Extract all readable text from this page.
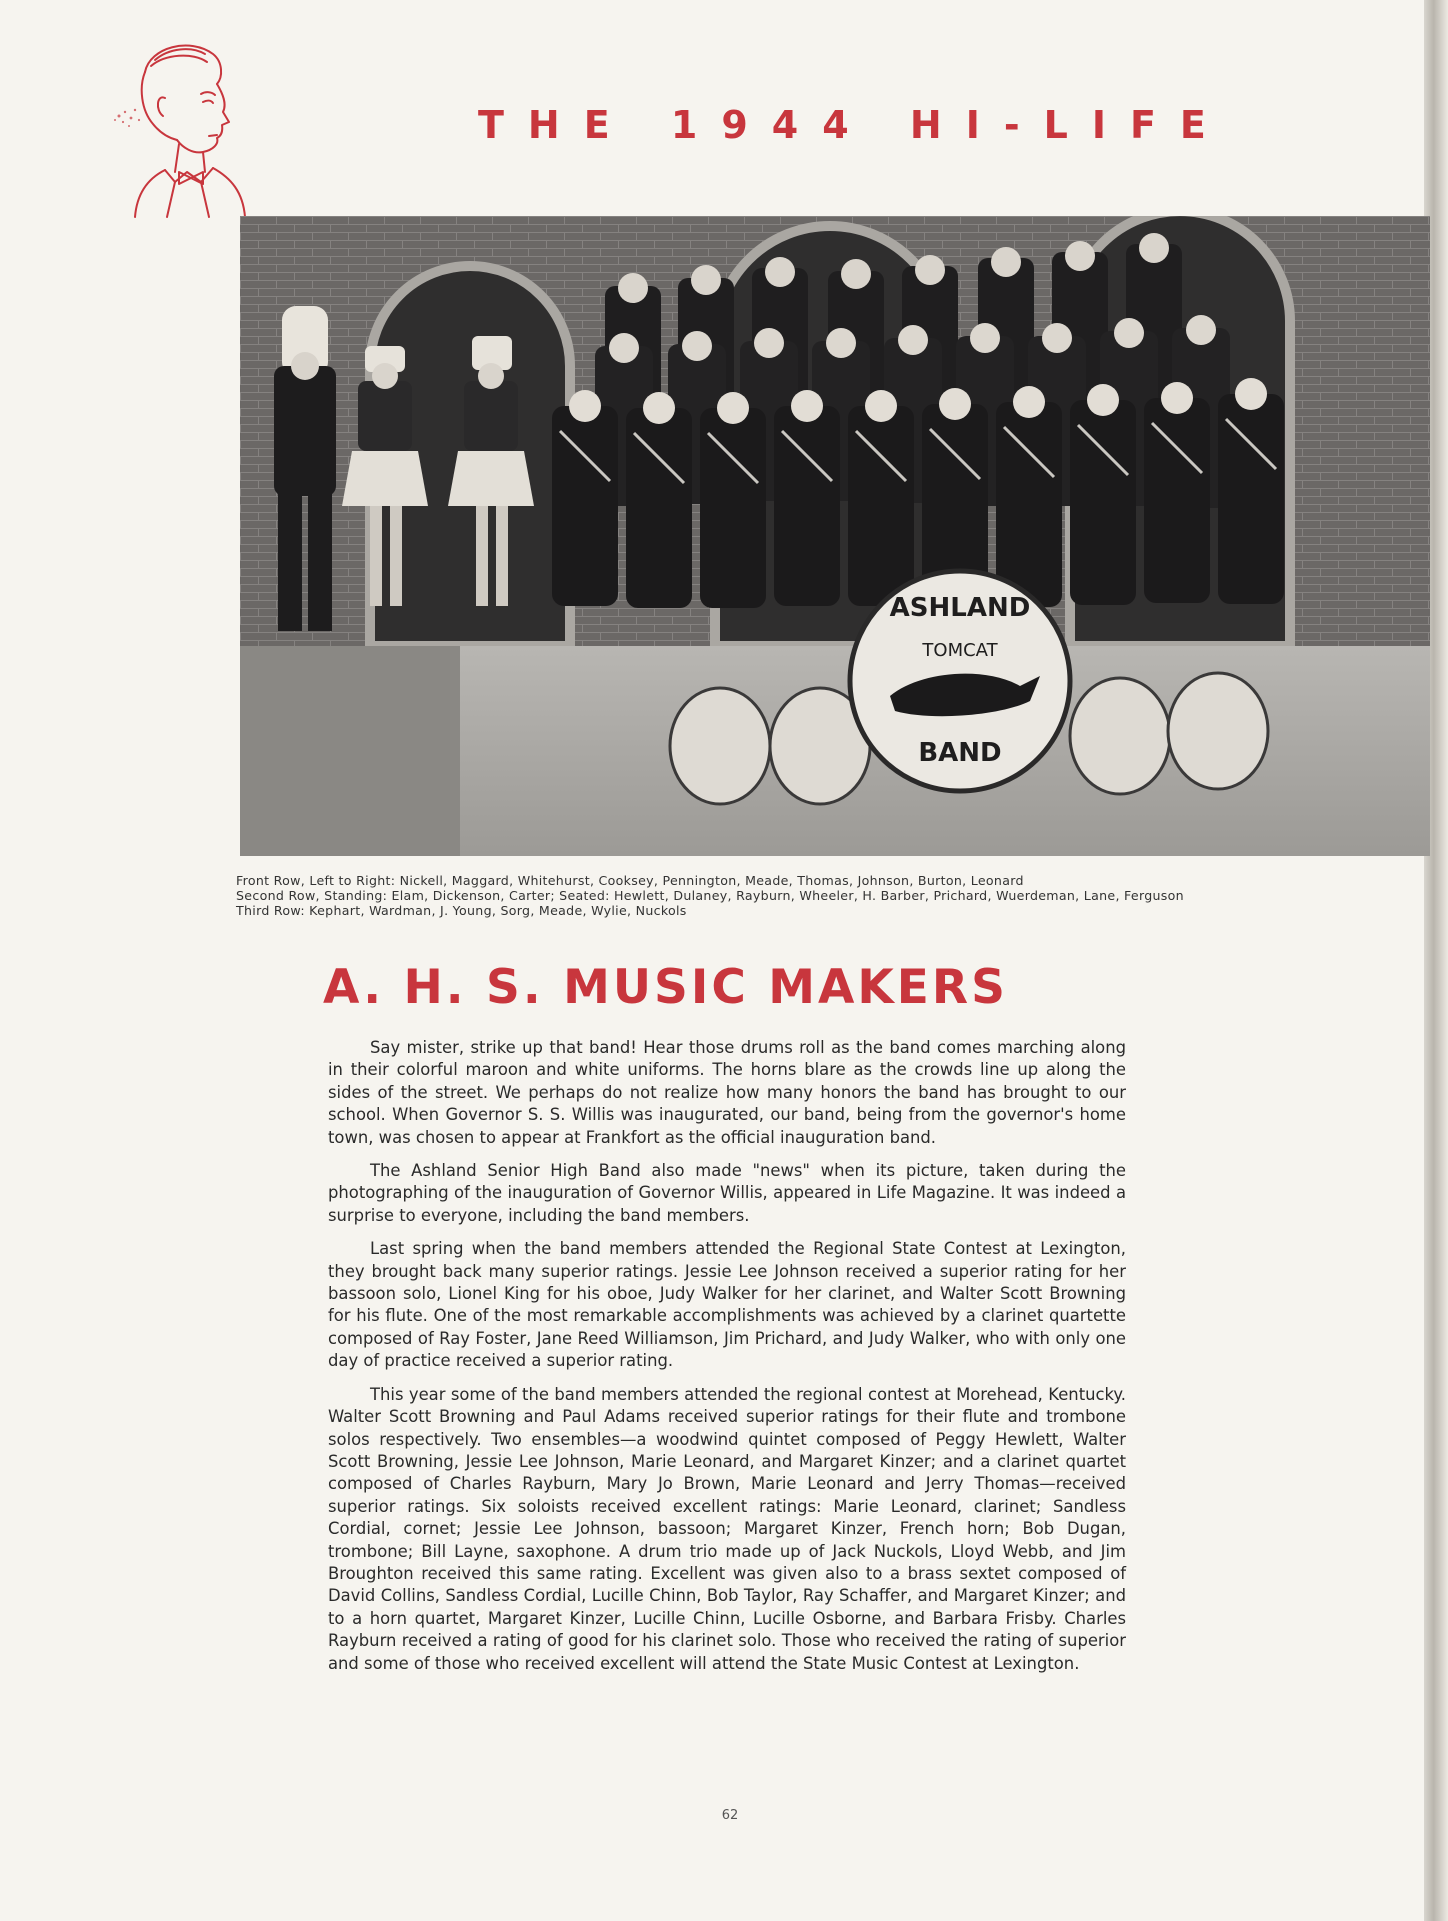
THE 1944 HI-LIFE
TOMCAT
ASHLAND
BAND
Front Row, Left to Right: Nickell, Maggard, Whitehurst, Cooksey, Pennington, Meade, Thomas, Johnson, Burton, Leonard
Second Row, Standing: Elam, Dickenson, Carter; Seated: Hewlett, Dulaney, Rayburn, Wheeler, H. Barber, Prichard, Wuerdeman, Lane, Ferguson
Third Row: Kephart, Wardman, J. Young, Sorg, Meade, Wylie, Nuckols
A. H. S. MUSIC MAKERS

Say mister, strike up that band! Hear those drums roll as the band comes marching along in their colorful maroon and white uniforms. The horns blare as the crowds line up along the sides of the street. We perhaps do not realize how many honors the band has brought to our school. When Governor S. S. Willis was inaugurated, our band, being from the governor's home town, was chosen to appear at Frankfort as the official inauguration band.

The Ashland Senior High Band also made "news" when its picture, taken during the photographing of the inauguration of Governor Willis, appeared in Life Magazine. It was indeed a surprise to everyone, including the band members.

Last spring when the band members attended the Regional State Contest at Lexington, they brought back many superior ratings. Jessie Lee Johnson received a superior rating for her bassoon solo, Lionel King for his oboe, Judy Walker for her clarinet, and Walter Scott Browning for his flute. One of the most remarkable accomplishments was achieved by a clarinet quartette composed of Ray Foster, Jane Reed Williamson, Jim Prichard, and Judy Walker, who with only one day of practice received a superior rating.

This year some of the band members attended the regional contest at Morehead, Kentucky. Walter Scott Browning and Paul Adams received superior ratings for their flute and trombone solos respectively. Two ensembles—a woodwind quintet composed of Peggy Hewlett, Walter Scott Browning, Jessie Lee Johnson, Marie Leonard, and Margaret Kinzer; and a clarinet quartet composed of Charles Rayburn, Mary Jo Brown, Marie Leonard and Jerry Thomas—received superior ratings. Six soloists received excellent ratings: Marie Leonard, clarinet; Sandless Cordial, cornet; Jessie Lee Johnson, bassoon; Margaret Kinzer, French horn; Bob Dugan, trombone; Bill Layne, saxophone. A drum trio made up of Jack Nuckols, Lloyd Webb, and Jim Broughton received this same rating. Excellent was given also to a brass sextet composed of David Collins, Sandless Cordial, Lucille Chinn, Bob Taylor, Ray Schaffer, and Margaret Kinzer; and to a horn quartet, Margaret Kinzer, Lucille Chinn, Lucille Osborne, and Barbara Frisby. Charles Rayburn received a rating of good for his clarinet solo. Those who received the rating of superior and some of those who received excellent will attend the State Music Contest at Lexington.

62
